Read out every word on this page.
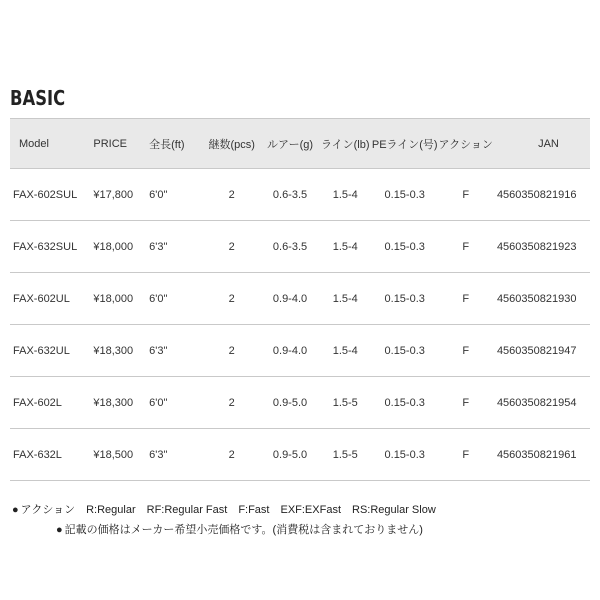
BASIC
Model	PRICE	全長(ft)	継数(pcs)	ルアー(g)	ライン(lb)	PEライン(号)	アクション	JAN
FAX-602SUL	¥17,800	6'0"	2	0.6-3.5	1.5-4	0.15-0.3	F	4560350821916
FAX-632SUL	¥18,000	6'3"	2	0.6-3.5	1.5-4	0.15-0.3	F	4560350821923
FAX-602UL	¥18,000	6'0"	2	0.9-4.0	1.5-4	0.15-0.3	F	4560350821930
FAX-632UL	¥18,300	6'3"	2	0.9-4.0	1.5-4	0.15-0.3	F	4560350821947
FAX-602L	¥18,300	6'0"	2	0.9-5.0	1.5-5	0.15-0.3	F	4560350821954
FAX-632L	¥18,500	6'3"	2	0.9-5.0	1.5-5	0.15-0.3	F	4560350821961
● アクション　R:Regular　RF:Regular Fast　F:Fast　EXF:EXFast　RS:Regular Slow
● 記載の価格はメーカー希望小売価格です。(消費税は含まれておりません)
